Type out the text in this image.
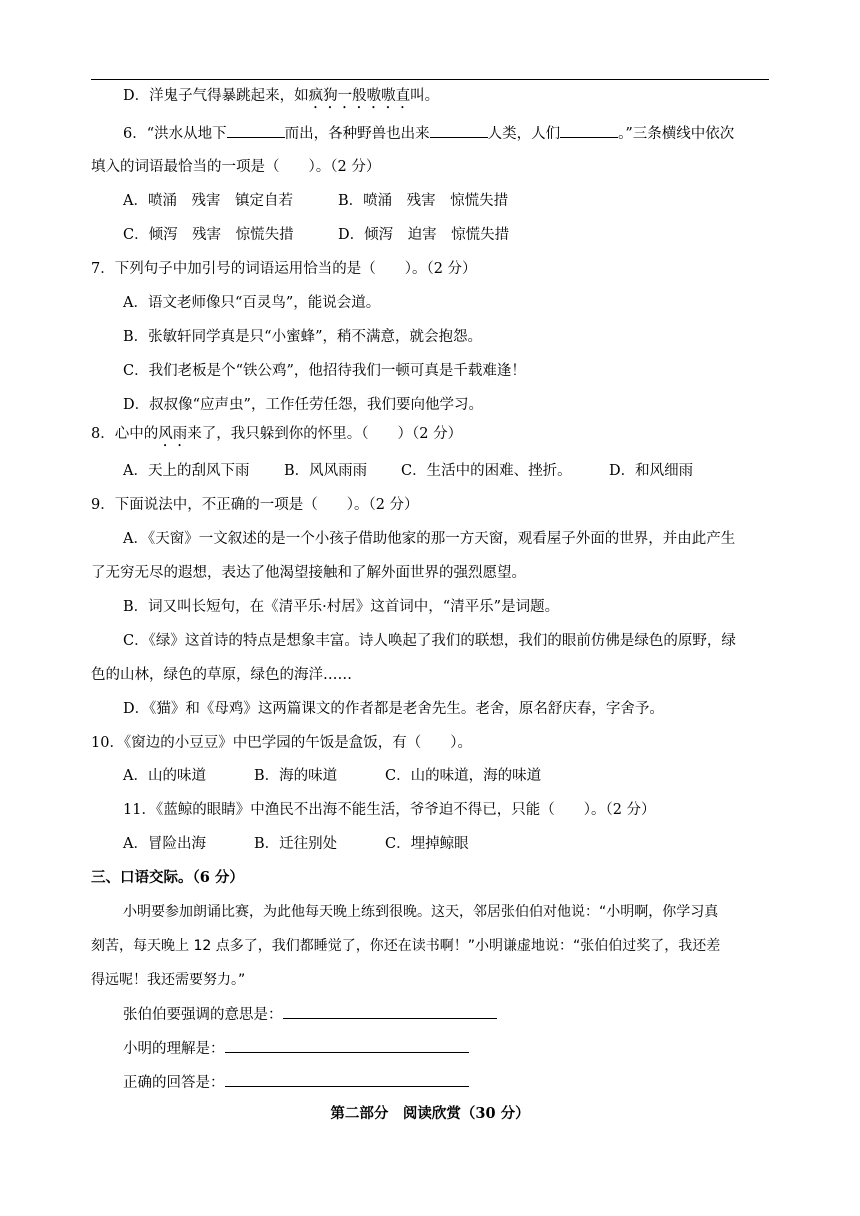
D．洋鬼子气得暴跳起来，如疯狗一般嗷嗷直叫。
6．“洪水从地下	而出，各种野兽也出来	人类，人们	。”三条横线中依次
填入的词语最恰当的一项是（　　）。（2 分）
A．喷涌　残害　镇定自若	B．喷涌　残害　惊慌失措
C．倾泻　残害　惊慌失措	D．倾泻　迫害　惊慌失措
7．下列句子中加引号的词语运用恰当的是（　　）。（2 分）
A．语文老师像只“百灵鸟”，能说会道。
B．张敏轩同学真是只“小蜜蜂”，稍不满意，就会抱怨。
C．我们老板是个“铁公鸡”，他招待我们一顿可真是千载难逢！
D．叔叔像“应声虫”，工作任劳任怨，我们要向他学习。
8．心中的风雨来了，我只躲到你的怀里。（　　）（2 分）
A．天上的刮风下雨 B．风风雨雨 C．生活中的困难、挫折。	D．和风细雨
9．下面说法中，不正确的一项是（　　）。（2 分）
A．《天窗》一文叙述的是一个小孩子借助他家的那一方天窗，观看屋子外面的世界，并由此产生
了无穷无尽的遐想，表达了他渴望接触和了解外面世界的强烈愿望。
B．词又叫长短句，在《清平乐·村居》这首词中，“清平乐”是词题。
C．《绿》这首诗的特点是想象丰富。诗人唤起了我们的联想，我们的眼前仿佛是绿色的原野，绿
色的山林，绿色的草原，绿色的海洋……
D．《猫》和《母鸡》这两篇课文的作者都是老舍先生。老舍，原名舒庆春，字舍予。
10．《窗边的小豆豆》中巴学园的午饭是盒饭，有（　　）。
A．山的味道	B．海的味道	C．山的味道，海的味道
11．《蓝鲸的眼睛》中渔民不出海不能生活，爷爷迫不得已，只能（　　）。（2 分）
A．冒险出海	B．迁往别处	C．埋掉鲸眼
三、口语交际。（6 分）
小明要参加朗诵比赛，为此他每天晚上练到很晚。这天，邻居张伯伯对他说：“小明啊，你学习真
刻苦，每天晚上 12 点多了，我们都睡觉了，你还在读书啊！”小明谦虚地说：“张伯伯过奖了，我还差
得远呢！我还需要努力。”
张伯伯要强调的意思是：
小明的理解是：
正确的回答是：
第二部分　阅读欣赏（30 分）
